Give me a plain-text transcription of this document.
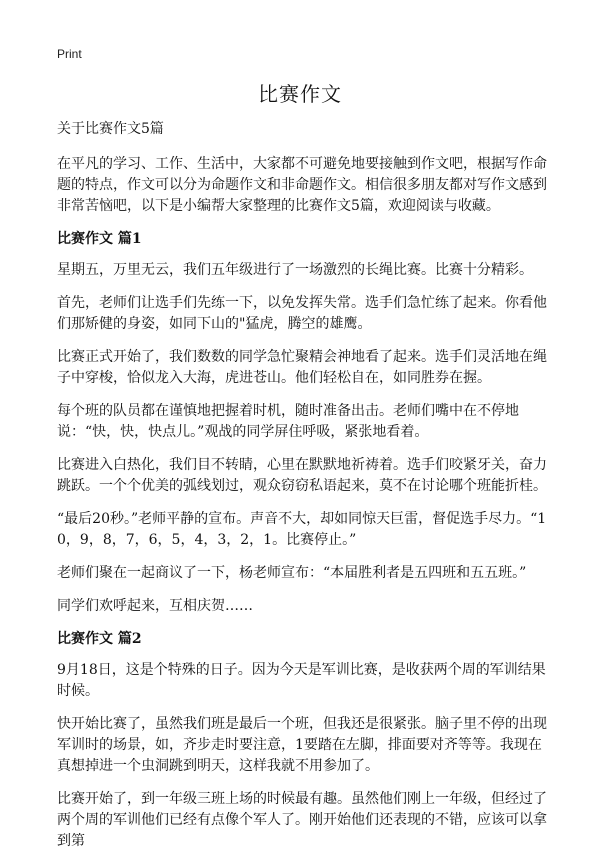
Print
比赛作文
关于比赛作文5篇
在平凡的学习、工作、生活中，大家都不可避免地要接触到作文吧，根据写作命题的特点，作文可以分为命题作文和非命题作文。相信很多朋友都对写作文感到非常苦恼吧，以下是小编帮大家整理的比赛作文5篇，欢迎阅读与收藏。
比赛作文 篇1
星期五，万里无云，我们五年级进行了一场激烈的长绳比赛。比赛十分精彩。
首先，老师们让选手们先练一下，以免发挥失常。选手们急忙练了起来。你看他们那矫健的身姿，如同下山的"猛虎，腾空的雄鹰。
比赛正式开始了，我们数数的同学急忙聚精会神地看了起来。选手们灵活地在绳子中穿梭，恰似龙入大海，虎进苍山。他们轻松自在，如同胜券在握。
每个班的队员都在谨慎地把握着时机，随时准备出击。老师们嘴中在不停地说：“快，快，快点儿。”观战的同学屏住呼吸，紧张地看着。
比赛进入白热化，我们目不转睛，心里在默默地祈祷着。选手们咬紧牙关，奋力跳跃。一个个优美的弧线划过，观众窃窃私语起来，莫不在讨论哪个班能折桂。
“最后20秒。”老师平静的宣布。声音不大，却如同惊天巨雷，督促选手尽力。“10，9，8，7，6，5，4，3，2，1。比赛停止。”
老师们聚在一起商议了一下，杨老师宣布：“本届胜利者是五四班和五五班。”
同学们欢呼起来，互相庆贺……
比赛作文 篇2
9月18日，这是个特殊的日子。因为今天是军训比赛，是收获两个周的军训结果时候。
快开始比赛了，虽然我们班是最后一个班，但我还是很紧张。脑子里不停的出现军训时的场景，如，齐步走时要注意，1要踏在左脚，排面要对齐等等。我现在真想掉进一个虫洞跳到明天，这样我就不用参加了。
比赛开始了，到一年级三班上场的时候最有趣。虽然他们刚上一年级，但经过了两个周的军训他们已经有点像个军人了。刚开始他们还表现的不错，应该可以拿到第
